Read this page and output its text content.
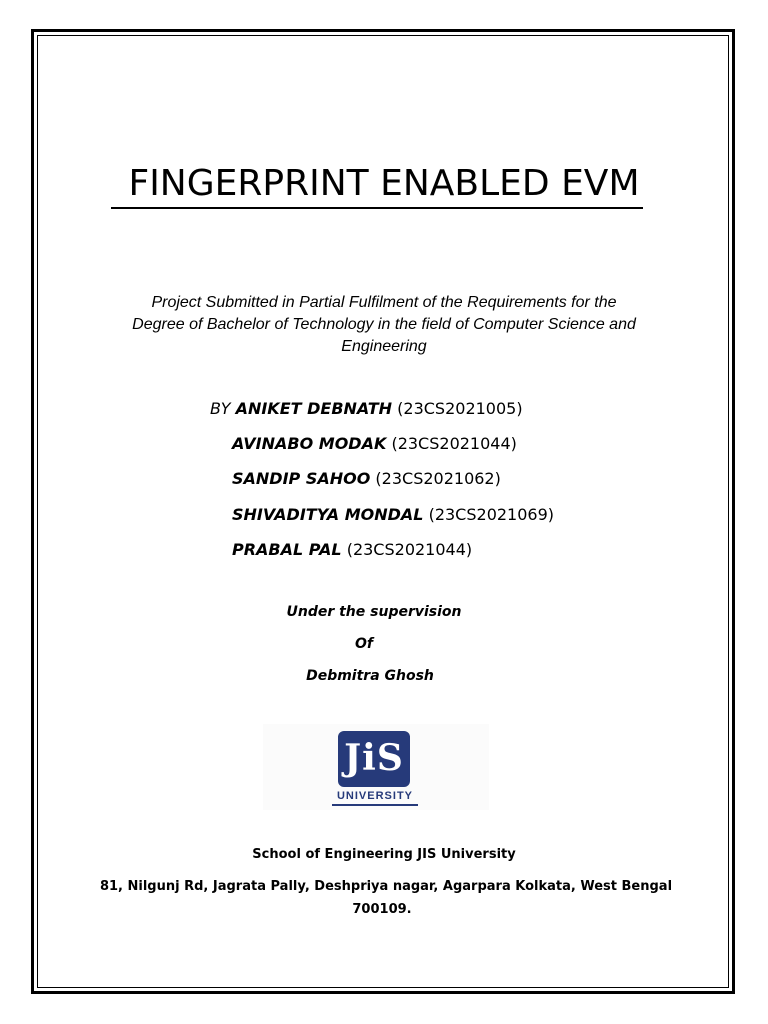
FINGERPRINT ENABLED EVM
Project Submitted in Partial Fulfilment of the Requirements for the
Degree of Bachelor of Technology in the field of Computer Science and
Engineering
BY ANIKET DEBNATH (23CS2021005)
AVINABO MODAK (23CS2021044)
SANDIP SAHOO (23CS2021062)
SHIVADITYA MONDAL (23CS2021069)
PRABAL PAL (23CS2021044)
Under the supervision
Of
Debmitra Ghosh
JiS
UNIVERSITY
School of Engineering JIS University
81, Nilgunj Rd, Jagrata Pally, Deshpriya nagar, Agarpara Kolkata, West Bengal
700109.
